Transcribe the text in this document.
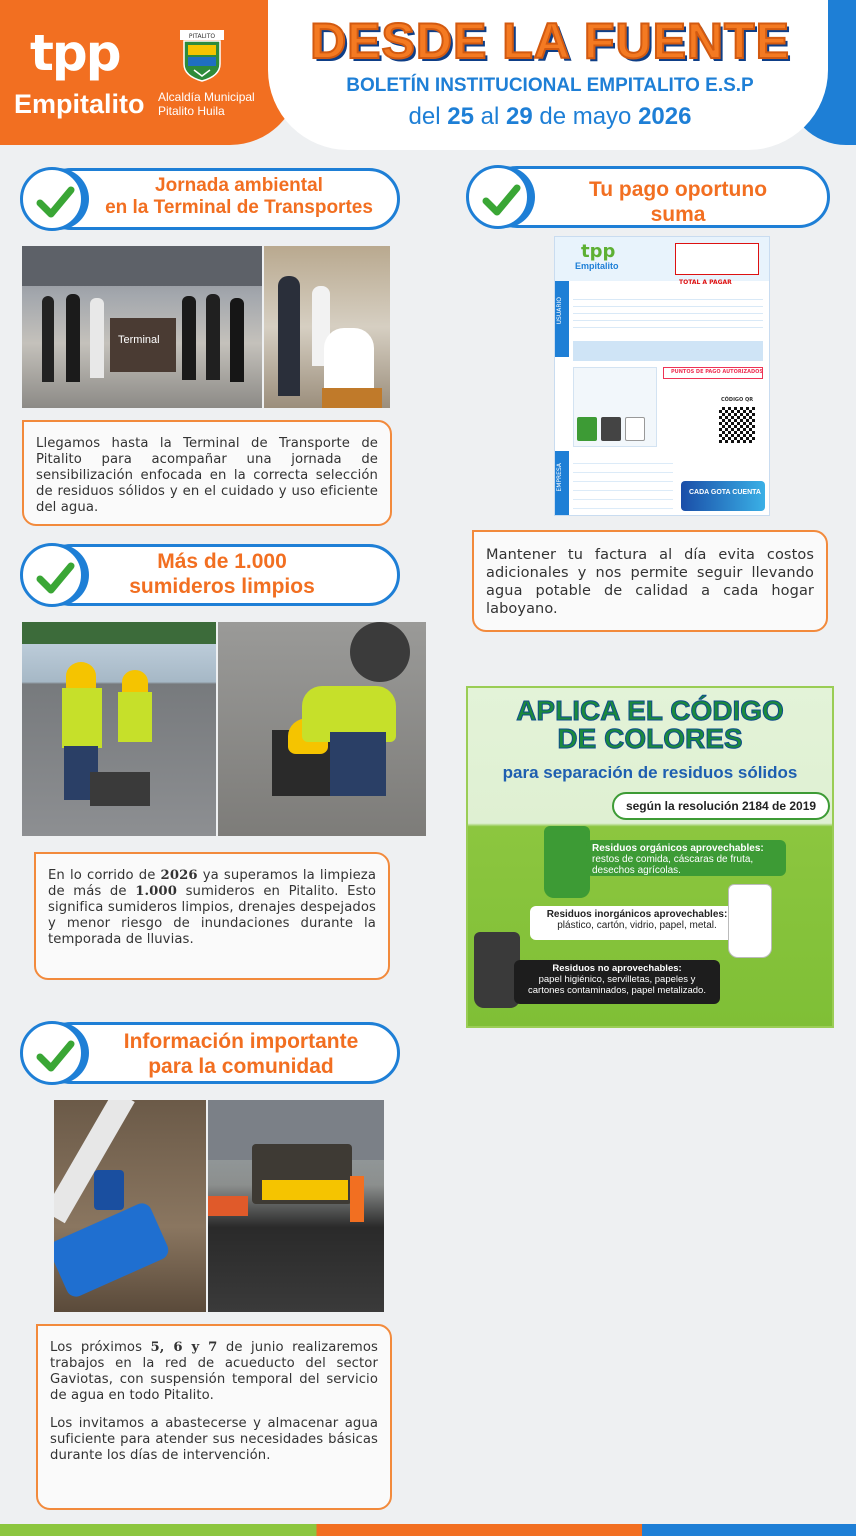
tpp
Empitalito
PITALITO
Alcaldía Municipal
Pitalito Huila
DESDE LA FUENTE
BOLETÍN INSTITUCIONAL EMPITALITO E.S.P
del 25 al 29 de mayo 2026
Jornada ambiental
en la Terminal de Transportes
Terminal

Llegamos hasta la Terminal de Transporte de Pitalito para acompañar una jornada de sensibilización enfocada en la correcta selección de residuos sólidos y en el cuidado y uso eficiente del agua.

Tu pago oportuno
suma
tpp
Empitalito
USUARIO
TOTAL A PAGAR
PUNTOS DE PAGO AUTORIZADOS
CÓDIGO QR
EMPRESA
CADA GOTA CUENTA

Mantener tu factura al día evita costos adicionales y nos permite seguir llevando agua potable de calidad a cada hogar laboyano.

Más de 1.000
sumideros limpios

En lo corrido de 2026 ya superamos la limpieza de más de 1.000 sumideros en Pitalito. Esto significa sumideros limpios, drenajes despejados y menor riesgo de inundaciones durante la temporada de lluvias.

APLICA EL CÓDIGO
DE COLORES
para separación de residuos sólidos
según la resolución 2184 de 2019
Residuos orgánicos aprovechables:
restos de comida, cáscaras de fruta, desechos agrícolas.
Residuos inorgánicos aprovechables:
plástico, cartón, vidrio, papel, metal.
Residuos no aprovechables:
papel higiénico, servilletas, papeles y cartones contaminados, papel metalizado.
Información importante
para la comunidad

Los próximos 5, 6 y 7 de junio realizaremos trabajos en la red de acueducto del sector Gaviotas, con suspensión temporal del servicio de agua en todo Pitalito.

Los invitamos a abastecerse y almacenar agua suficiente para atender sus necesidades básicas durante los días de intervención.
